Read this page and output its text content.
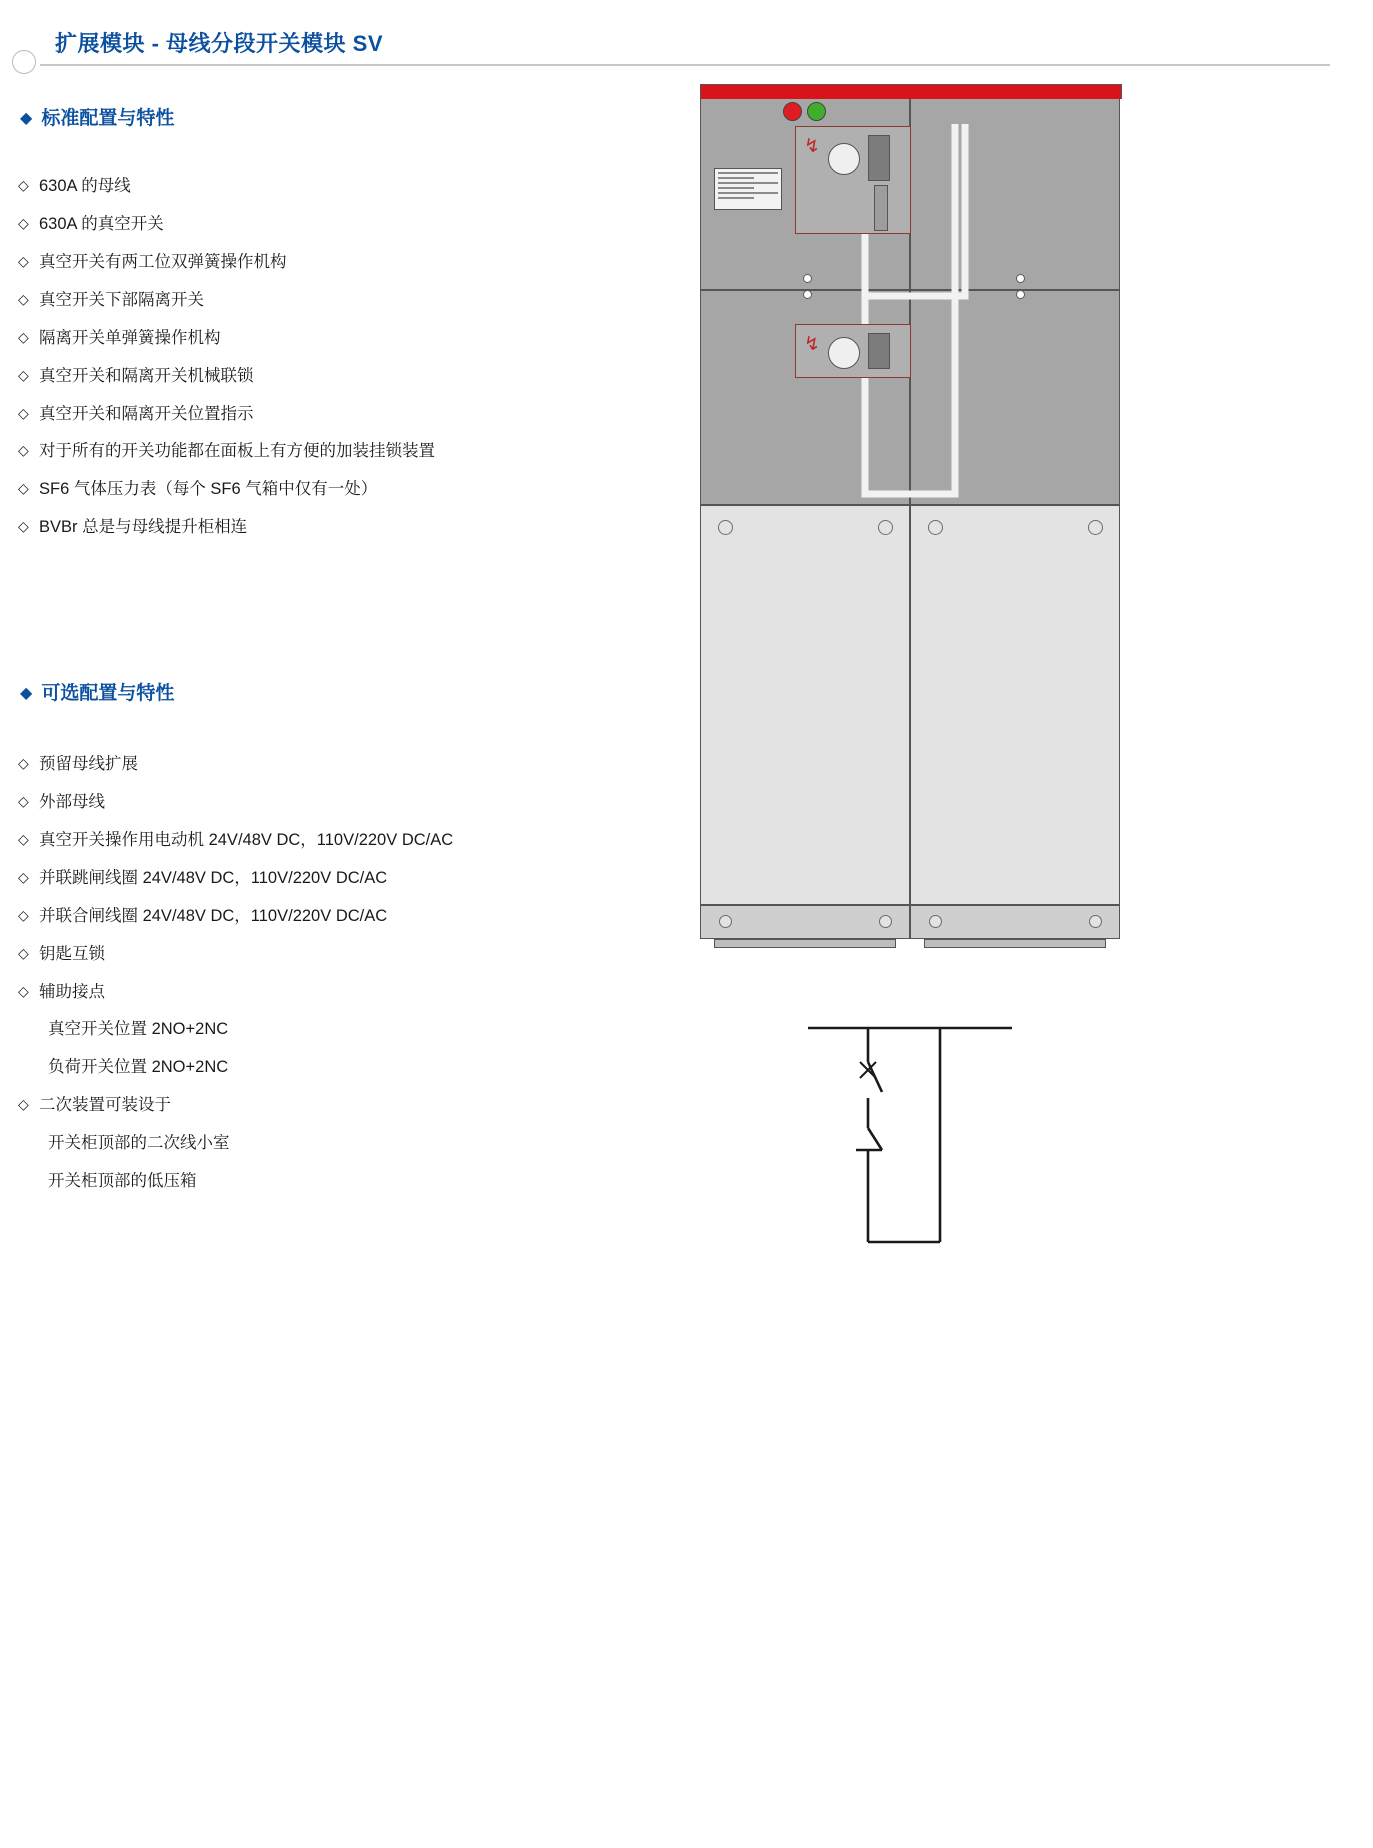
扩展模块 - 母线分段开关模块 SV
◆ 标准配置与特性
◇ 630A 的母线
◇ 630A 的真空开关
◇ 真空开关有两工位双弹簧操作机构
◇ 真空开关下部隔离开关
◇ 隔离开关单弹簧操作机构
◇ 真空开关和隔离开关机械联锁
◇ 真空开关和隔离开关位置指示
◇ 对于所有的开关功能都在面板上有方便的加装挂锁装置
◇ SF6 气体压力表（每个 SF6 气箱中仅有一处）
◇ BVBr 总是与母线提升柜相连
◆ 可选配置与特性
◇ 预留母线扩展
◇ 外部母线
◇ 真空开关操作用电动机 24V/48V DC，110V/220V DC/AC
◇ 并联跳闸线圈 24V/48V DC，110V/220V DC/AC
◇ 并联合闸线圈 24V/48V DC，110V/220V DC/AC
◇ 钥匙互锁
◇ 辅助接点
真空开关位置 2NO+2NC
负荷开关位置 2NO+2NC
◇ 二次装置可装设于
开关柜顶部的二次线小室
开关柜顶部的低压箱
↯
↯
